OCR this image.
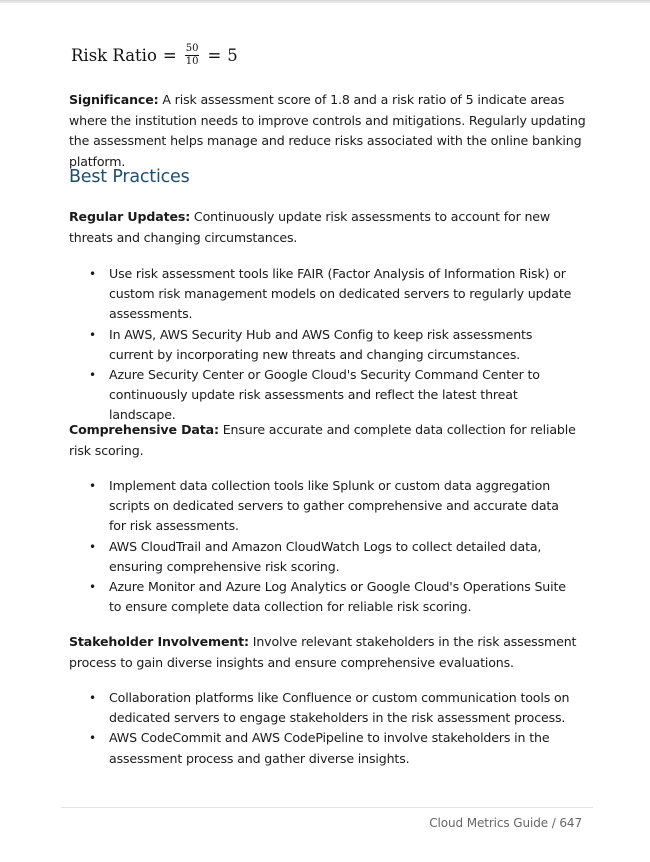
Risk Ratio = $\frac{50}{10} = 5$

Significance: A risk assessment score of 1.8 and a risk ratio of 5 indicate areas where the institution needs to improve controls and mitigations. Regularly updating the assessment helps manage and reduce risks associated with the online banking platform.

Best Practices

Regular Updates: Continuously update risk assessments to account for new threats and changing circumstances.

• Use risk assessment tools like FAIR (Factor Analysis of Information Risk) or custom risk management models on dedicated servers to regularly update assessments.
• In AWS, AWS Security Hub and AWS Config to keep risk assessments current by incorporating new threats and changing circumstances.
• Azure Security Center or Google Cloud's Security Command Center to continuously update risk assessments and reflect the latest threat landscape.

Comprehensive Data: Ensure accurate and complete data collection for reliable risk scoring.

• Implement data collection tools like Splunk or custom data aggregation scripts on dedicated servers to gather comprehensive and accurate data for risk assessments.
• AWS CloudTrail and Amazon CloudWatch Logs to collect detailed data, ensuring comprehensive risk scoring.
• Azure Monitor and Azure Log Analytics or Google Cloud's Operations Suite to ensure complete data collection for reliable risk scoring.

Stakeholder Involvement: Involve relevant stakeholders in the risk assessment process to gain diverse insights and ensure comprehensive evaluations.

• Collaboration platforms like Confluence or custom communication tools on dedicated servers to engage stakeholders in the risk assessment process.
• AWS CodeCommit and AWS CodePipeline to involve stakeholders in the assessment process and gather diverse insights.
Cloud Metrics Guide / 647
